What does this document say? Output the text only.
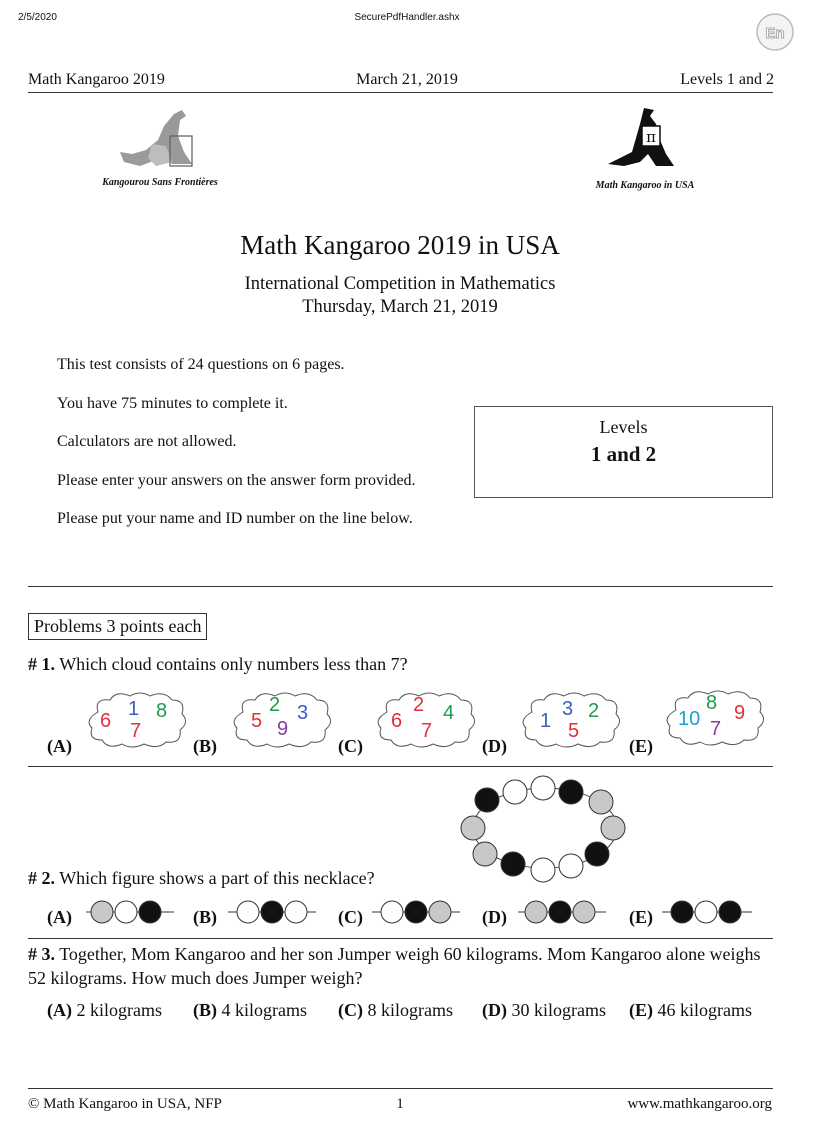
2/5/2020	SecurePdfHandler.ashx
En
Math Kangaroo 2019	March 21, 2019	Levels 1 and 2
Kangourou Sans Frontières
π
Math Kangaroo in USA
Math Kangaroo 2019 in USA
International Competition in Mathematics
Thursday, March 21, 2019
This test consists of 24 questions on 6 pages.
You have 75 minutes to complete it.
Calculators are not allowed.
Please enter your answers on the answer form provided.
Please put your name and ID number on the line below.
Levels
1 and 2
Problems 3 points each
# 1. Which cloud contains only numbers less than 7?
(A)	(B)	(C)	(D)	(E)
6
1 8
7	5
2 3
9	6
2 4
7	1
3 2
5
10
8 9
7
# 2. Which figure shows a part of this necklace?
(A)	(B)	(C)	(D)	(E)
# 3. Together, Mom Kangaroo and her son Jumper weigh 60 kilograms. Mom Kangaroo alone weighs 52 kilograms. How much does Jumper weigh?
(A) 2 kilograms (B) 4 kilograms (C) 8 kilograms (D) 30 kilograms (E) 46 kilograms
© Math Kangaroo in USA, NFP	1	www.mathkangaroo.org
